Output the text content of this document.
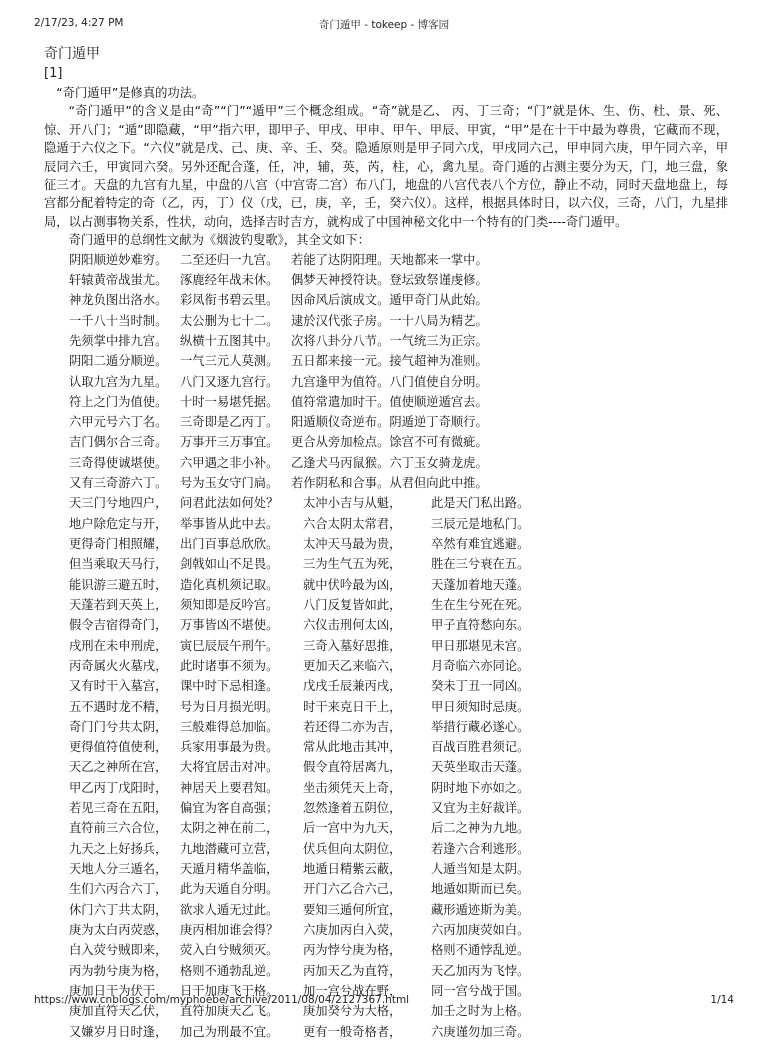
2/17/23, 4:27 PM	奇门遁甲 - tokeep - 博客园
奇门遁甲
[1]
“奇门遁甲”是修真的功法。
“奇门遁甲”的含义是由“奇”“门”“遁甲”三个概念组成。“奇”就是乙、 丙、丁三奇；“门”就是休、生、伤、杜、景、死、惊、开八门；“遁”即隐藏，“甲”指六甲，即甲子、甲戌、甲申、甲午、甲辰、甲寅，“甲”是在十干中最为尊贵，它藏而不现，隐遁于六仪之下。“六仪”就是戊、己、庚、辛、壬、癸。隐遁原则是甲子同六戊，甲戌同六己，甲申同六庚，甲午同六辛，甲辰同六壬，甲寅同六癸。另外还配合蓬，任，冲，辅，英，芮，柱，心，禽九星。奇门遁的占测主要分为天，门，地三盘，象征三才。天盘的九宫有九星，中盘的八宫（中宫寄二宫）布八门，地盘的八宫代表八个方位，静止不动，同时天盘地盘上，每宫都分配着特定的奇（乙，丙，丁）仪（戊，已，庚，辛，壬，癸六仪）。这样，根据具体时日，以六仪，三奇，八门，九星排局，以占测事物关系，性状，动向，选择吉时吉方，就构成了中国神秘文化中一个特有的门类----奇门遁甲。
奇门遁甲的总纲性文献为《烟波钓叟歌》，其全文如下：
阴阳顺逆妙难穷。	二至还归一九宫。	若能了达阴阳理。天地都来一掌中。
轩辕黄帝战蚩尤。	涿鹿经年战未休。	偶梦天神授符诀。登坛致祭谨虔修。
神龙负图出洛水。	彩凤衔书碧云里。	因命风后演成文。遁甲奇门从此始。
一千八十当时制。	太公删为七十二。	逮於汉代张子房。一十八局为精艺。
先须掌中排九宫。	纵横十五图其中。	次将八卦分八节。一气统三为正宗。
阴阳二遁分顺逆。	一气三元人莫测。	五日都来接一元。接气超神为准则。
认取九宫为九星。	八门又逐九宫行。	九宫逢甲为值符。八门值使自分明。
符上之门为值使。	十时一易堪凭据。	值符常遣加时干。值使顺逆遁宫去。
六甲元号六丁名。	三奇即是乙丙丁。	阳遁顺仪奇逆布。阴遁逆丁奇顺行。
吉门偶尔合三奇。	万事开三万事宜。	更合从旁加检点。馀宫不可有微疵。
三奇得使诚堪使。	六甲遇之非小补。	乙逢犬马丙鼠猴。六丁玉女骑龙虎。
又有三奇游六丁。	号为玉女守门扃。	若作阴私和合事。从君但向此中推。
天三门兮地四户，	问君此法如何处？	太冲小吉与从魁，	此是天门私出路。
地户除危定与开，	举事皆从此中去。	六合太阴太常君，	三辰元是地私门。
更得奇门相照耀，	出门百事总欣欣。	太冲天马最为贵，	卒然有难宜逃避。
但当乘取天马行，	剑戟如山不足畏。	三为生气五为死，	胜在三兮衰在五。
能识游三避五时，	造化真机须记取。	就中伏吟最为凶，	天蓬加着地天蓬。
天蓬若到天英上，	须知即是反吟宫。	八门反复皆如此，	生在生兮死在死。
假令吉宿得奇门，	万事皆凶不堪使。	六仪击刑何太凶，	甲子直符愁向东。
戌刑在未申刑虎，	寅巳辰辰午刑午。	三奇入墓好思推，	甲日那堪见未宫。
丙奇属火火墓戌，	此时诸事不须为。	更加天乙来临六，	月奇临六亦同论。
又有时干入墓宫，	课中时下忌相逢。	戊戌壬辰兼丙戌，	癸未丁丑一同凶。
五不遇时龙不精，	号为日月损光明。	时干来克日干上，	甲日须知时忌庚。
奇门门兮共太阴，	三般难得总加临。	若还得二亦为吉，	举措行藏必遂心。
更得值符值使利，	兵家用事最为贵。	常从此地击其冲，	百战百胜君须记。
天乙之神所在宫，	大将宜居击对冲。	假令直符居离九，	天英坐取击天蓬。
甲乙丙丁戊阳时，	神居天上要君知。	坐击须凭天上奇，	阴时地下亦如之。
若见三奇在五阳，	偏宜为客自高强；	忽然逢着五阴位，	又宜为主好裁详。
直符前三六合位，	太阴之神在前二，	后一宫中为九天，	后二之神为九地。
九天之上好扬兵，	九地潜藏可立营，	伏兵但向太阴位，	若逢六合利逃形。
天地人分三遁名，	天遁月精华盖临，	地遁日精紫云蔽，	人遁当知是太阴。
生们六丙合六丁，	此为天遁自分明。	开门六乙合六己，	地遁如斯而已矣。
休门六丁共太阴，	欲求人遁无过此。	要知三遁何所宜，	藏形遁迹斯为美。
庚为太白丙荧惑，	庚丙相加谁会得？	六庚加丙白入荧，	六丙加庚荧如白。
白入荧兮贼即来，	荧入白兮贼须灭。	丙为悖兮庚为格，	格则不通悖乱逆。
丙为勃兮庚为格，	格则不通勃乱逆。	丙加天乙为直符，	天乙加丙为飞悖。
庚加日干为伏干，	日干加庚飞干格。	加一宫兮战在野，	同一宫兮战于国。
庚加直符天乙伏，	直符加庚天乙飞。	庚加癸兮为大格，	加壬之时为上格。
又嫌岁月日时逢，	加己为刑最不宜。	更有一般奇格者，	六庚谨勿加三奇。
https://www.cnblogs.com/myphoebe/archive/2011/08/04/2127367.html	1/14
